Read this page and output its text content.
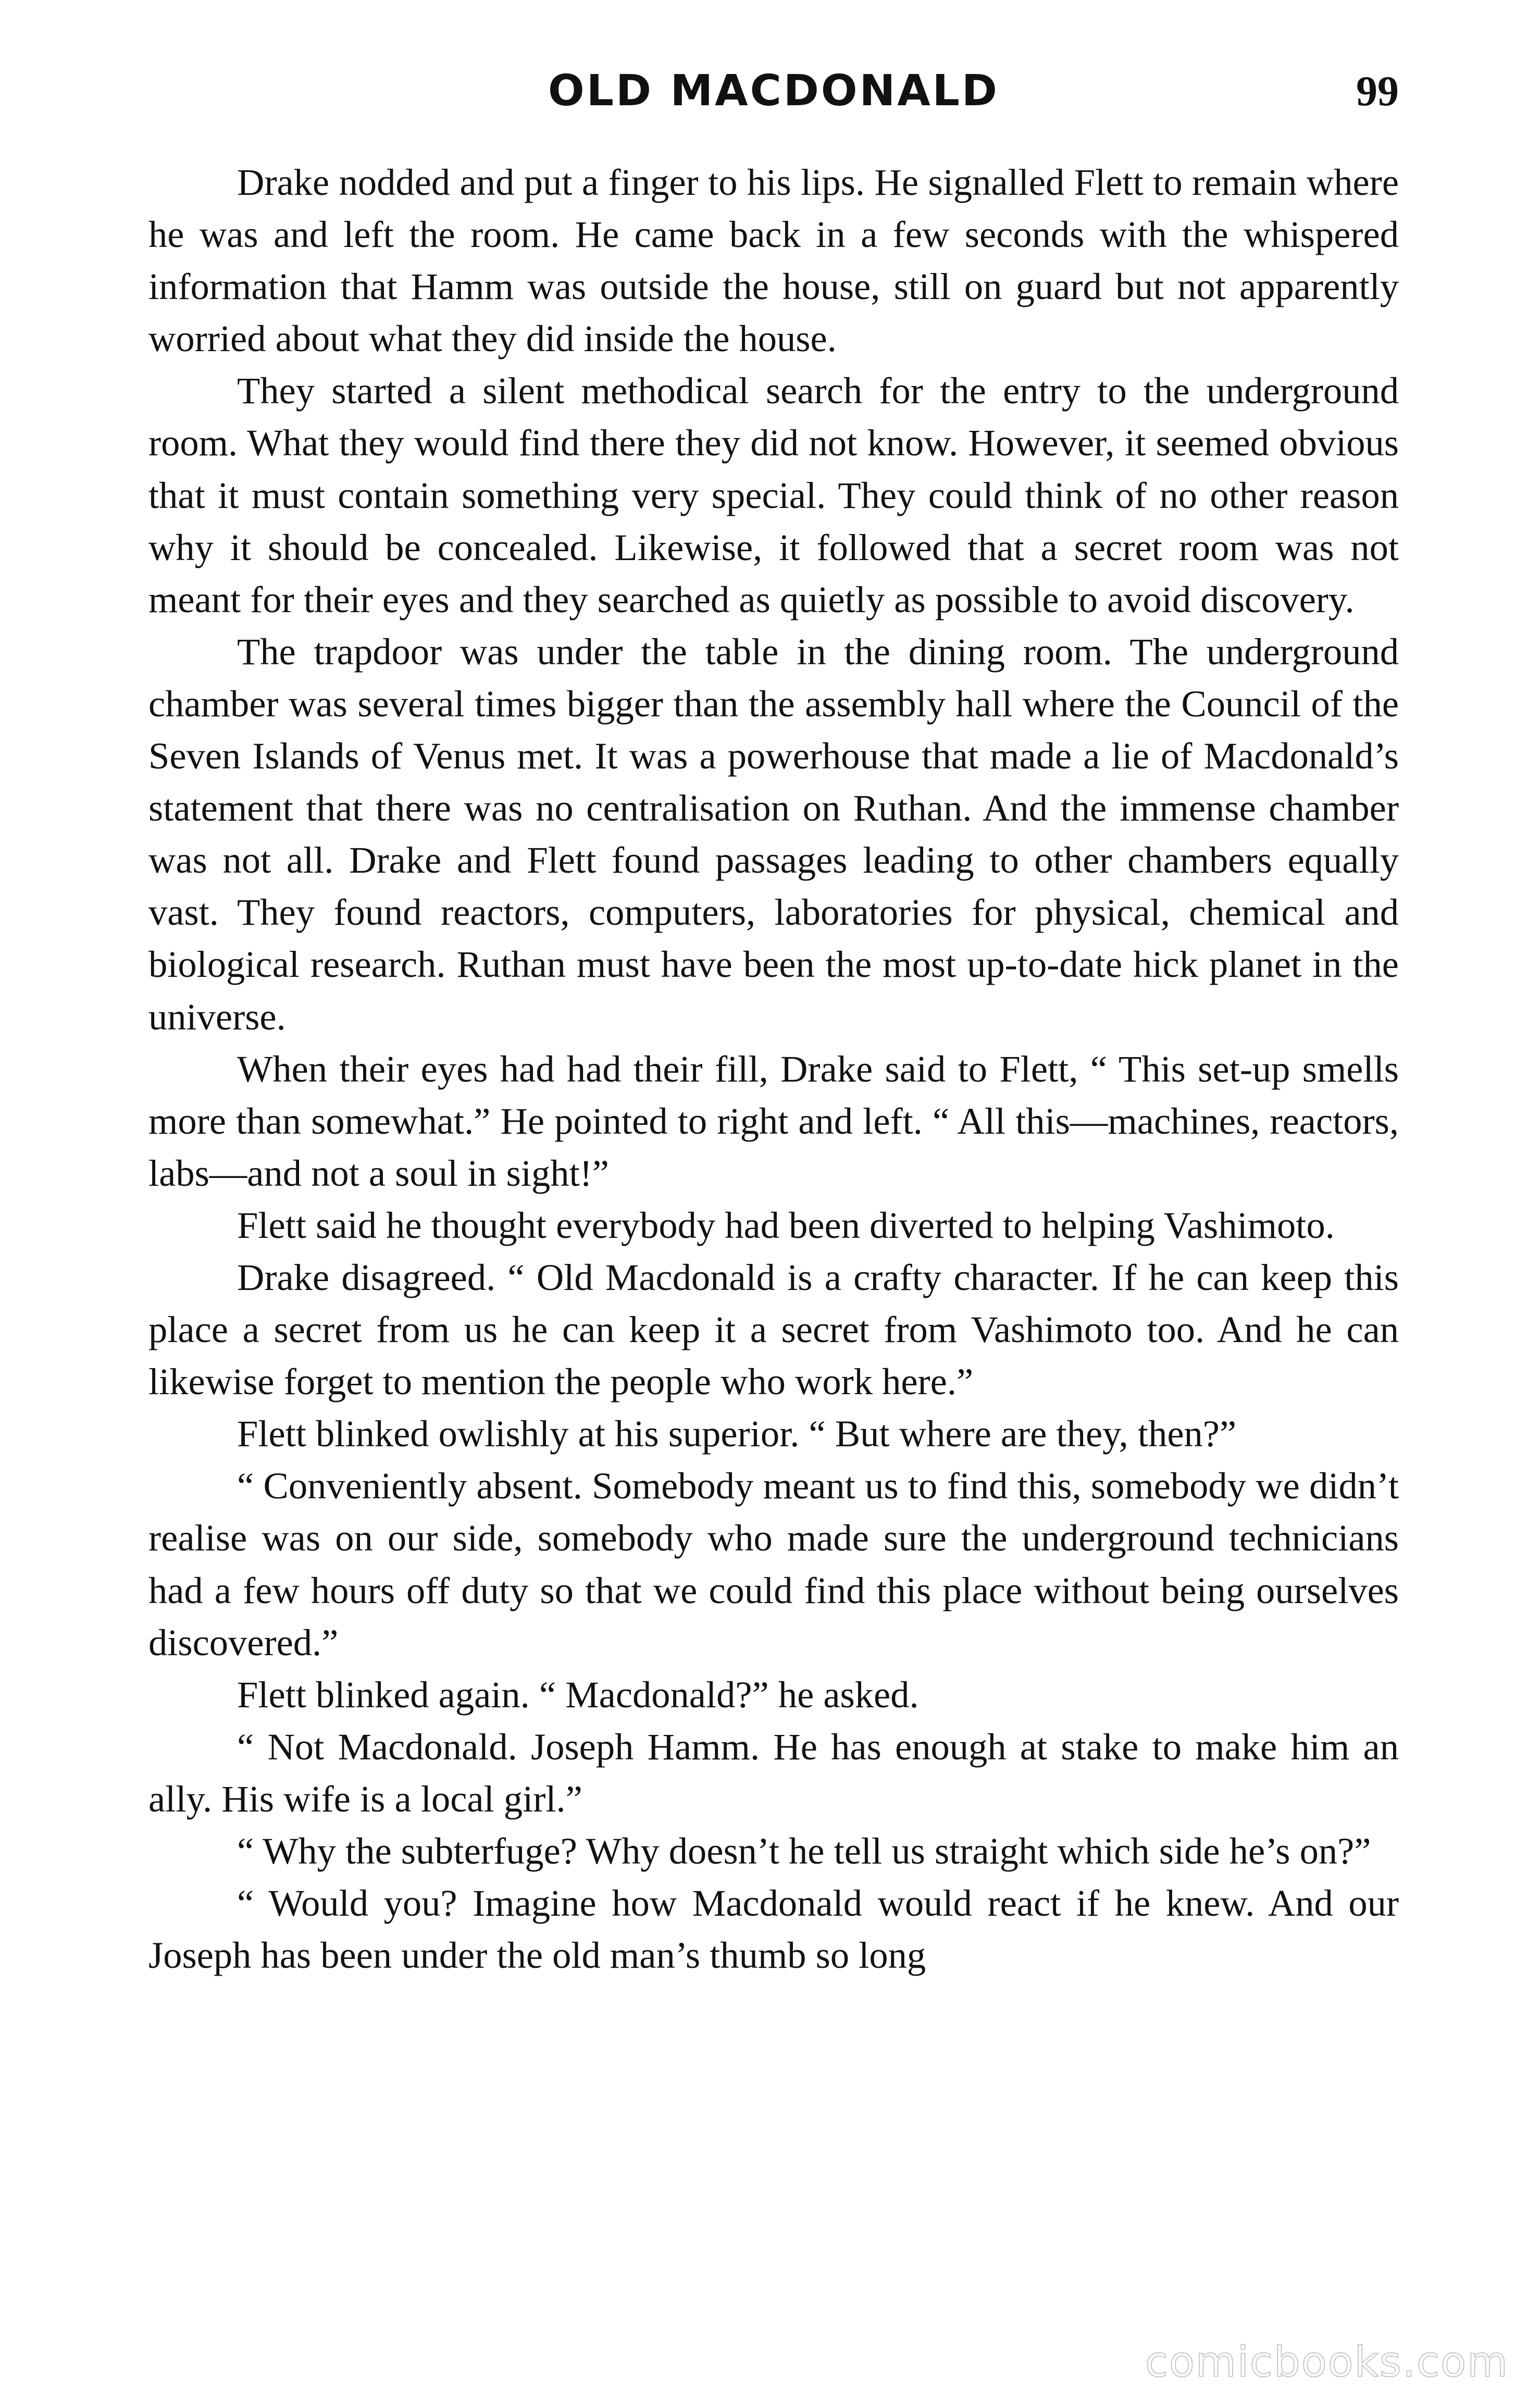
OLD MACDONALD	99

Drake nodded and put a finger to his lips. He signalled Flett to remain where he was and left the room. He came back in a few seconds with the whispered information that Hamm was outside the house, still on guard but not apparently worried about what they did inside the house.

They started a silent methodical search for the entry to the underground room. What they would find there they did not know. However, it seemed obvious that it must contain something very special. They could think of no other reason why it should be concealed. Likewise, it followed that a secret room was not meant for their eyes and they searched as quietly as possible to avoid discovery.

The trapdoor was under the table in the dining room. The underground chamber was several times bigger than the assembly hall where the Council of the Seven Islands of Venus met. It was a powerhouse that made a lie of Macdonald’s statement that there was no centralisation on Ruthan. And the immense chamber was not all. Drake and Flett found passages leading to other chambers equally vast. They found reactors, computers, laboratories for physical, chemical and biological research. Ruthan must have been the most up-to-date hick planet in the universe.

When their eyes had had their fill, Drake said to Flett, “ This set-up smells more than somewhat.” He pointed to right and left. “ All this—machines, reactors, labs—and not a soul in sight!”

Flett said he thought everybody had been diverted to helping Vashimoto.

Drake disagreed. “ Old Macdonald is a crafty character. If he can keep this place a secret from us he can keep it a secret from Vashimoto too. And he can likewise forget to mention the people who work here.”

Flett blinked owlishly at his superior. “ But where are they, then?”

“ Conveniently absent. Somebody meant us to find this, somebody we didn’t realise was on our side, somebody who made sure the underground technicians had a few hours off duty so that we could find this place without being ourselves discovered.”

Flett blinked again. “ Macdonald?” he asked.

“ Not Macdonald. Joseph Hamm. He has enough at stake to make him an ally. His wife is a local girl.”

“ Why the subterfuge? Why doesn’t he tell us straight which side he’s on?”

“ Would you? Imagine how Macdonald would react if he knew. And our Joseph has been under the old man’s thumb so long

comicbooks.com
